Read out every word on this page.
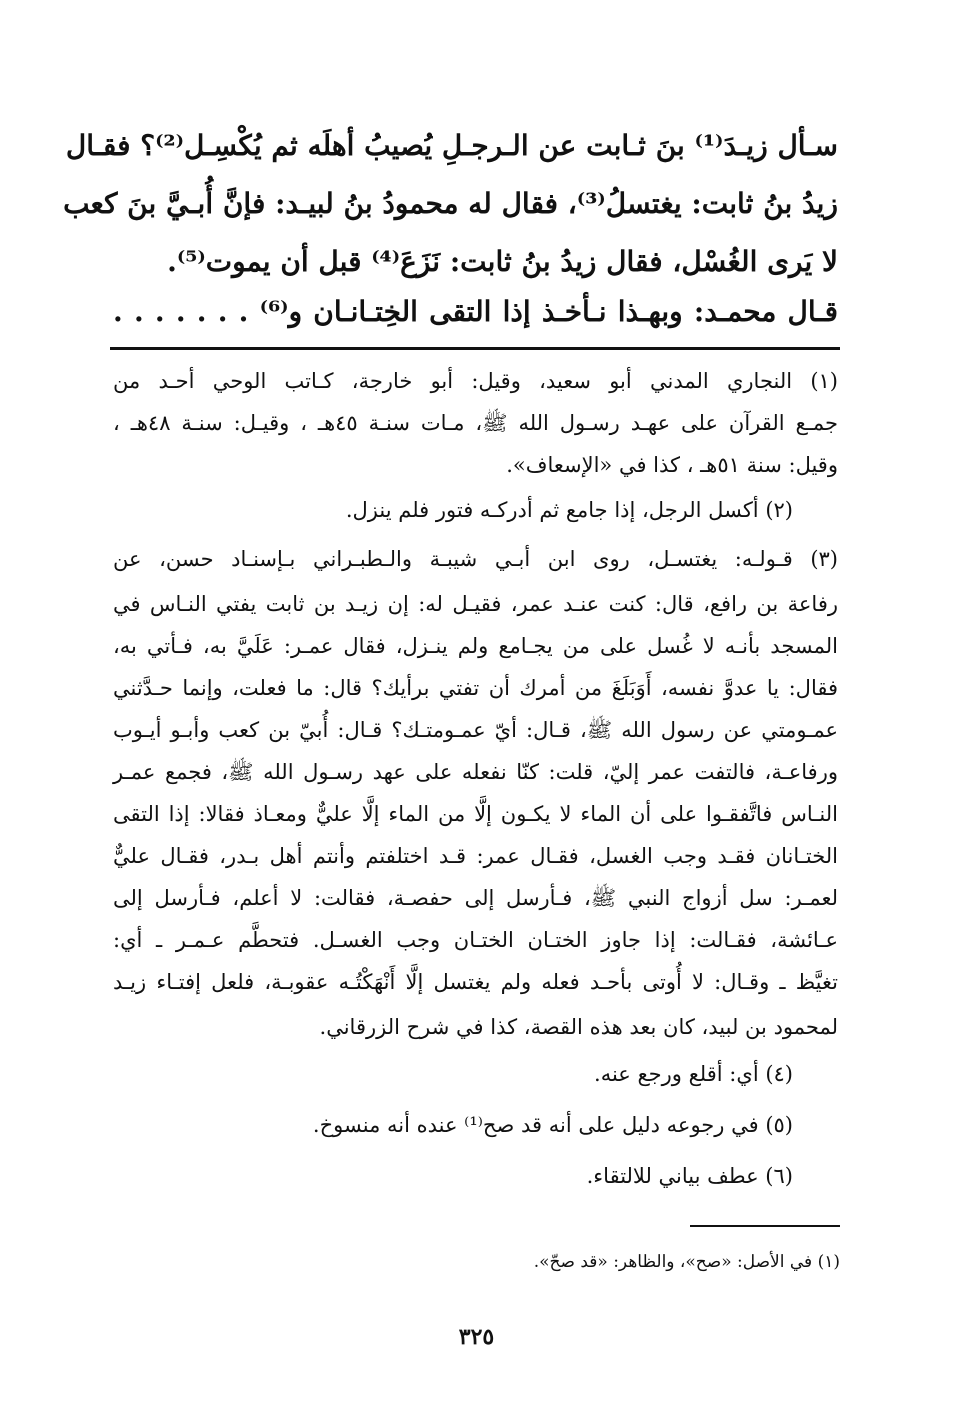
سـأل زيـدَ⁽¹⁾ بنَ ثـابت عن الـرجـلِ يُصيبُ أهلَه ثم يُكْسِـل⁽²⁾؟ فقـال
زيدُ بنُ ثابت: يغتسلُ⁽³⁾، فقال له محمودُ بنُ لبيـد: فإنَّ أُبـيَّ بنَ كعب
لا يَرى الغُسْل، فقال زيدُ بنُ ثابت: نَزَعَ⁽⁴⁾ قبل أن يموت⁽⁵⁾.
قـال محمـد: وبهـذا نـأخـذ إذا التقى الخِتـانـان و⁽⁶⁾ . . . . . . .
(١) النجاري المدني أبو سعيد، وقيل: أبو خارجة، كـاتب الوحي أحـد من
جمـع القرآن على عهـد رسـول الله ﷺ، مـات سنـة ٤٥هـ ، وقيـل: سنـة ٤٨هـ ،
وقيل: سنة ٥١هـ ، كذا في «الإسعاف».
(٢) أكسل الرجل، إذا جامع ثم أدركـه فتور فلم ينزل.
(٣) قـولـه: يغتسـل، روى ابن أبـي شيبـة والـطبـراني بـإسنـاد حسن، عن
رفاعة بن رافع، قال: كنت عنـد عمر، فقيـل له: إن زيـد بن ثابت يفتي النـاس في
المسجد بأنـه لا غُسل على من يجـامع ولم ينـزل، فقال عمـر: عَلَيَّ به، فـأتي به،
فقال: يا عدوَّ نفسه، أَوَبَلَغَ من أمرك أن تفتي برأيك؟ قال: ما فعلت، وإنما حـدَّثني
عمـومتي عن رسول الله ﷺ، قـال: أيّ عمـومتـك؟ قـال: أُبيّ بن كعب وأبـو أيـوب
ورفاعـة، فالتفت عمر إليّ، قلت: كنّا نفعله على عهد رسـول الله ﷺ، فجمع عمـر
النـاس فاتَّفقـوا على أن الماء لا يكـون إلَّا من الماء إلَّا عليٌّ ومعـاذ فقالا: إذا التقى
الختـانان فقـد وجب الغسل، فقـال عمر: قـد اختلفتم وأنتم أهل بـدر، فقـال عليٌّ
لعمـر: سل أزواج النبي ﷺ، فـأرسل إلى حفصـة، فقالت: لا أعلم، فـأرسل إلى
عـائشة، فقـالت: إذا جاوز الختـان الختـان وجب الغسـل. فتحطَّم عـمـر ـ أي:
تغيَّظ ـ وقـال: لا أُوتى بأحـد فعله ولم يغتسل إلَّا أَنْهَكْتُـه عقوبـة، فلعل إفتـاء زيـد
لمحمود بن لبيد، كان بعد هذه القصة، كذا في شرح الزرقاني.
(٤) أي: أقلع ورجع عنه.
(٥) في رجوعه دليل على أنه قد صح⁽¹⁾ عنده أنه منسوخ.
(٦) عطف بياني للالتقاء.
(١) في الأصل: «صح»، والظاهر: «قد صحّ».
٣٢٥
